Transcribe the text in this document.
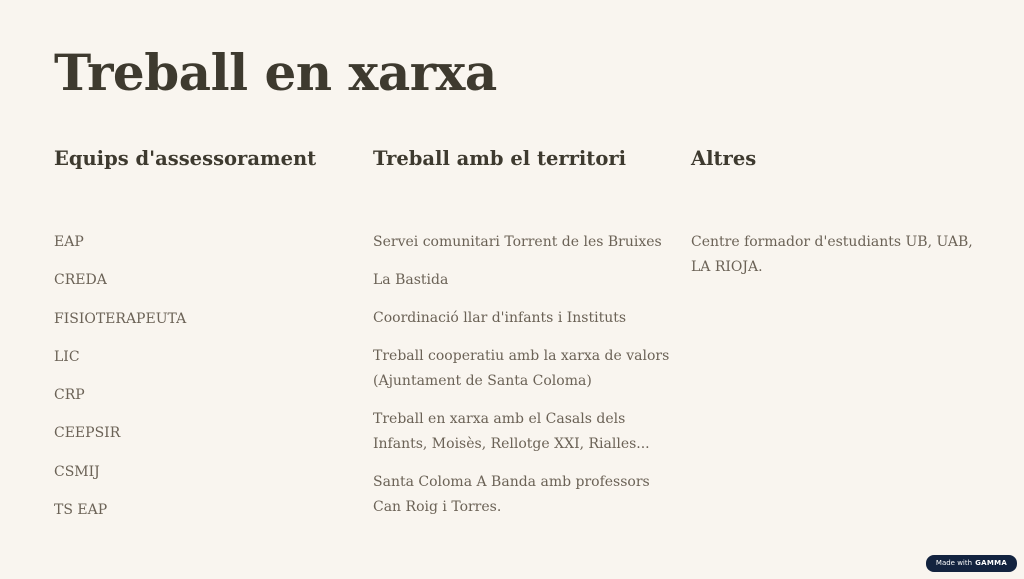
Treball en xarxa
Equips d'assessorament
EAP
CREDA
FISIOTERAPEUTA
LIC
CRP
CEEPSIR
CSMIJ
TS EAP
Treball amb el territori
Servei comunitari Torrent de les Bruixes
La Bastida
Coordinació llar d'infants i Instituts
Treball cooperatiu amb la xarxa de valors (Ajuntament de Santa Coloma)
Treball en xarxa amb el Casals dels Infants, Moisès, Rellotge XXI, Rialles...
Santa Coloma A Banda amb professors Can Roig i Torres.
Altres
Centre formador d'estudiants UB, UAB, LA RIOJA.
Made with GAMMA
